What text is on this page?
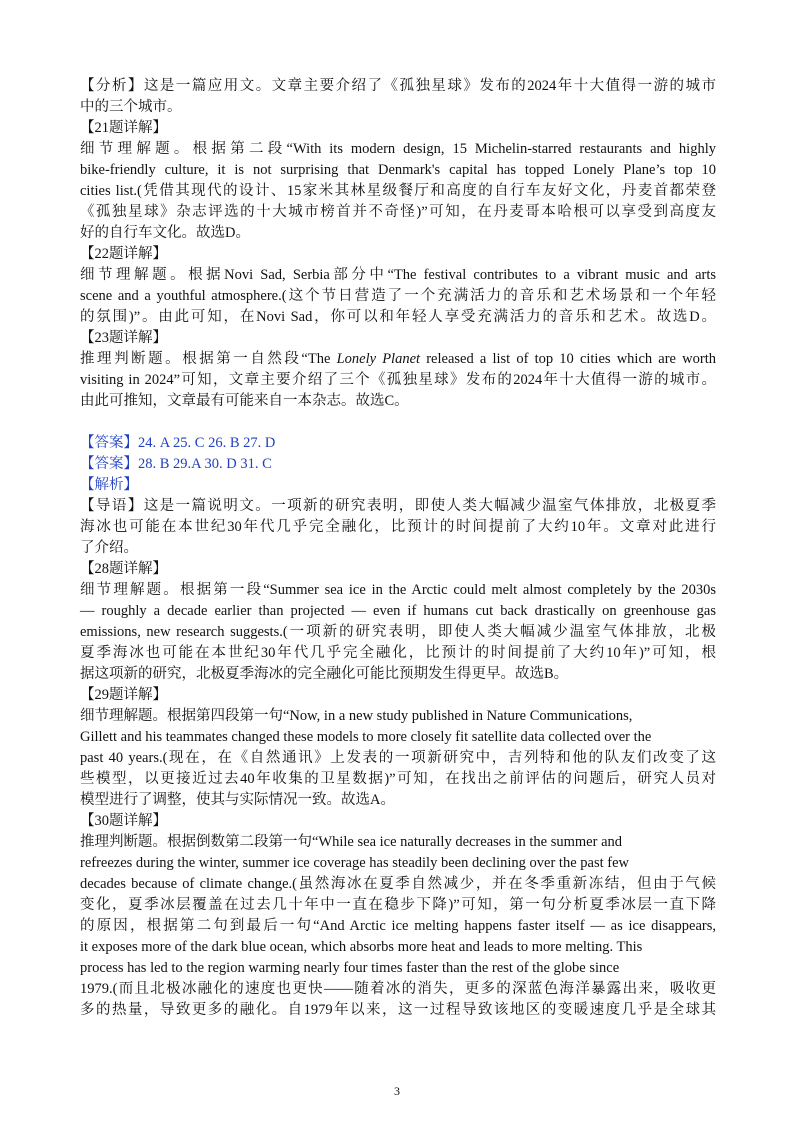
【分析】这是一篇应用文。文章主要介绍了《孤独星球》发布的2024年十大值得一游的城市

中的三个城市。

【21题详解】

细节理解题。根据第二段“With its modern design, 15 Michelin-starred restaurants and highly

bike-friendly culture, it is not surprising that Denmark's capital has topped Lonely Plane’s top 10

cities list.(凭借其现代的设计、15家米其林星级餐厅和高度的自行车友好文化，丹麦首都荣登

《孤独星球》杂志评选的十大城市榜首并不奇怪)”可知，在丹麦哥本哈根可以享受到高度友

好的自行车文化。故选D。

【22题详解】

细节理解题。根据Novi Sad, Serbia部分中“The festival contributes to a vibrant music and arts

scene and a youthful atmosphere.(这个节日营造了一个充满活力的音乐和艺术场景和一个年轻

的氛围)”。由此可知，在Novi Sad，你可以和年轻人享受充满活力的音乐和艺术。故选D。

【23题详解】

推理判断题。根据第一自然段“The Lonely Planet released a list of top 10 cities which are worth

visiting in 2024”可知，文章主要介绍了三个《孤独星球》发布的2024年十大值得一游的城市。

由此可推知，文章最有可能来自一本杂志。故选C。

【答案】24. A 25. C 26. B 27. D

【答案】28. B 29.A 30. D 31. C

【解析】

【导语】这是一篇说明文。一项新的研究表明，即使人类大幅减少温室气体排放，北极夏季

海冰也可能在本世纪30年代几乎完全融化，比预计的时间提前了大约10年。文章对此进行

了介绍。

【28题详解】

细节理解题。根据第一段“Summer sea ice in the Arctic could melt almost completely by the 2030s

— roughly a decade earlier than projected — even if humans cut back drastically on greenhouse gas

emissions, new research suggests.(一项新的研究表明，即使人类大幅减少温室气体排放，北极

夏季海冰也可能在本世纪30年代几乎完全融化，比预计的时间提前了大约10年)”可知，根

据这项新的研究，北极夏季海冰的完全融化可能比预期发生得更早。故选B。

【29题详解】

细节理解题。根据第四段第一句“Now, in a new study published in Nature Communications,

Gillett and his teammates changed these models to more closely fit satellite data collected over the

past 40 years.(现在，在《自然通讯》上发表的一项新研究中，吉列特和他的队友们改变了这

些模型，以更接近过去40年收集的卫星数据)”可知，在找出之前评估的问题后，研究人员对

模型进行了调整，使其与实际情况一致。故选A。

【30题详解】

推理判断题。根据倒数第二段第一句“While sea ice naturally decreases in the summer and

refreezes during the winter, summer ice coverage has steadily been declining over the past few

decades because of climate change.(虽然海冰在夏季自然减少，并在冬季重新冻结，但由于气候

变化，夏季冰层覆盖在过去几十年中一直在稳步下降)”可知，第一句分析夏季冰层一直下降

的原因，根据第二句到最后一句“And Arctic ice melting happens faster itself — as ice disappears,

it exposes more of the dark blue ocean, which absorbs more heat and leads to more melting. This

process has led to the region warming nearly four times faster than the rest of the globe since

1979.(而且北极冰融化的速度也更快——随着冰的消失，更多的深蓝色海洋暴露出来，吸收更

多的热量，导致更多的融化。自1979年以来，这一过程导致该地区的变暖速度几乎是全球其

3
